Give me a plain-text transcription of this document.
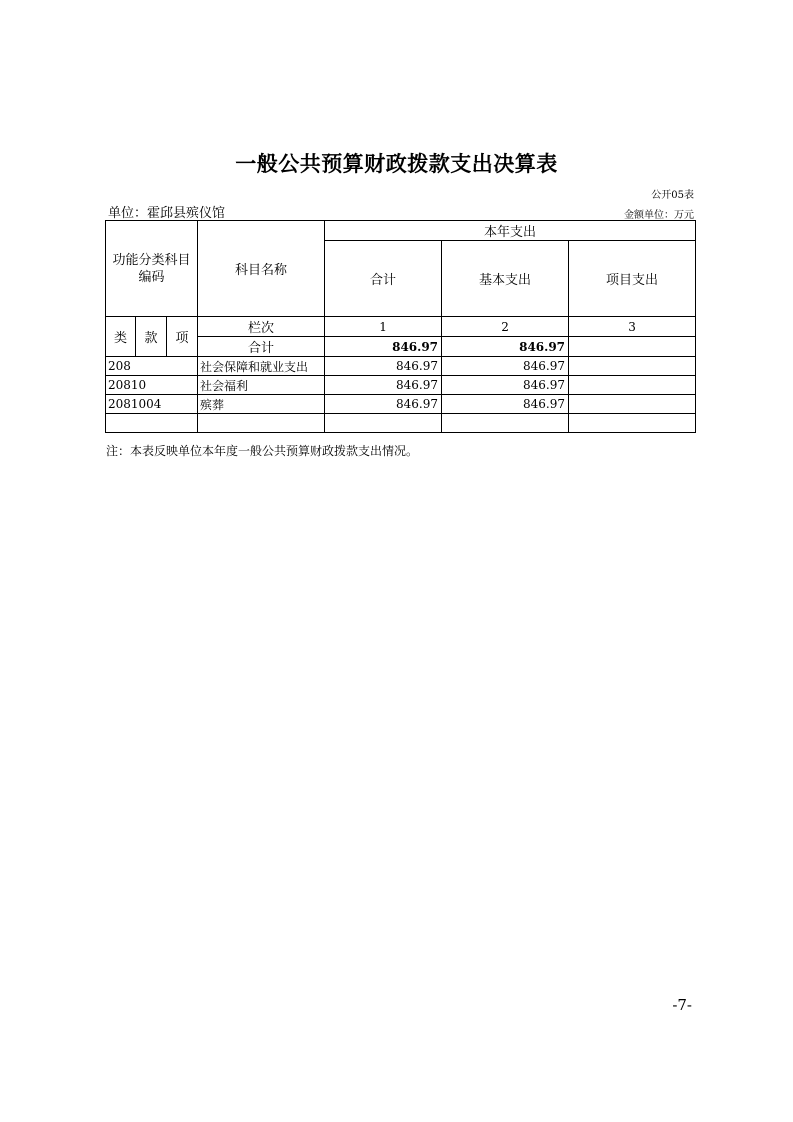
一般公共预算财政拨款支出决算表
公开05表
单位：霍邱县殡仪馆	金额单位：万元
功能分类科目编码			科目名称	本年支出		
				合计	基本支出	项目支出
类	款	项	栏次	1	2	3
			合计	846.97	846.97	
208			社会保障和就业支出	846.97	846.97	
20810			社会福利	846.97	846.97	
2081004			殡葬	846.97	846.97	

注：本表反映单位本年度一般公共预算财政拨款支出情况。
-7-
